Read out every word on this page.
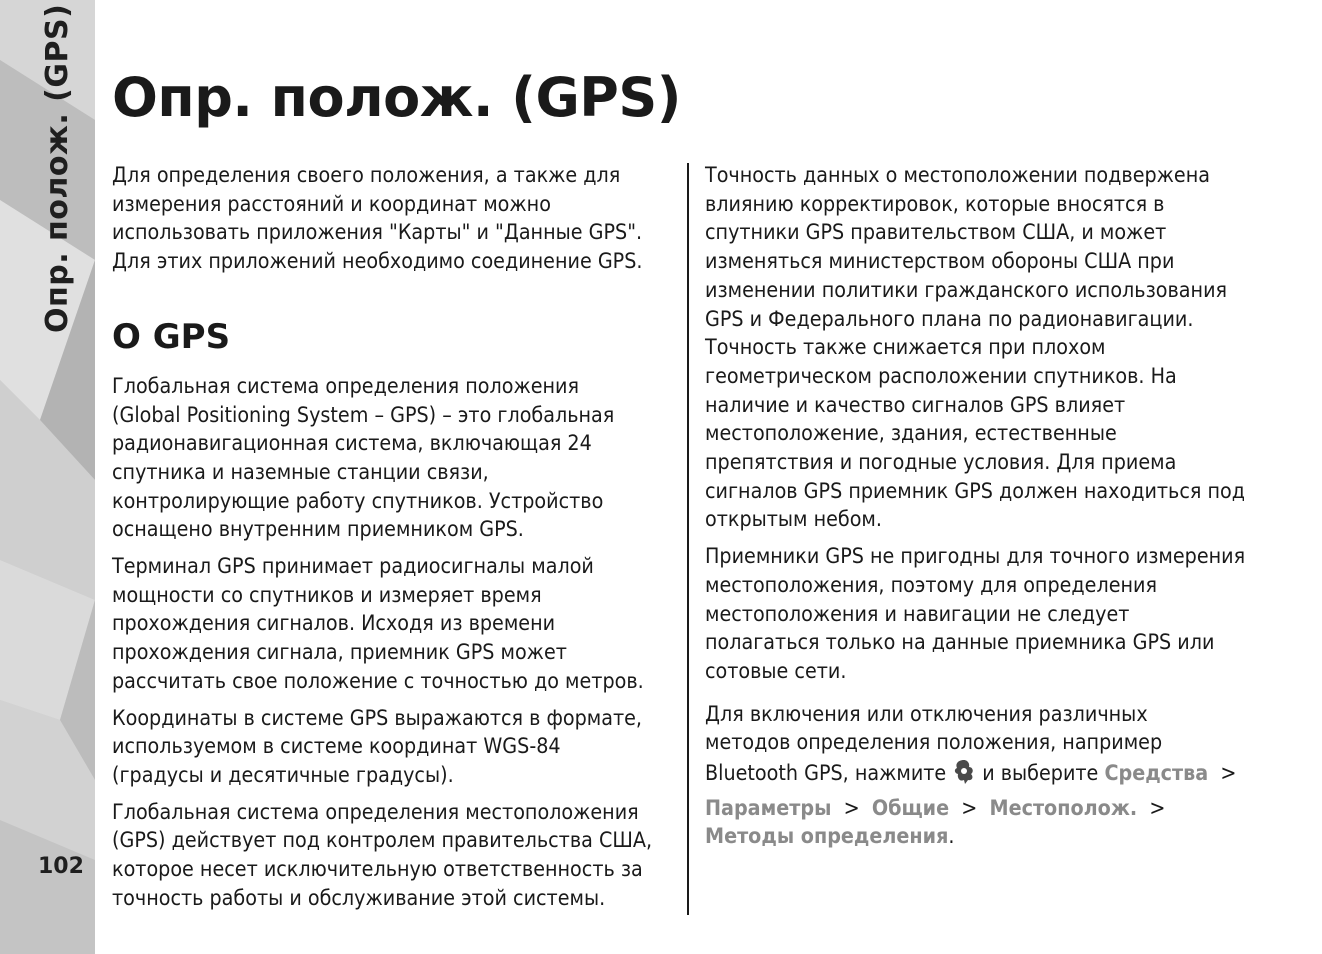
Опр. полож. (GPS)
102
Опр. полож. (GPS)

Для определения своего положения, а также для
измерения расстояний и координат можно
использовать приложения "Карты" и "Данные GPS".
Для этих приложений необходимо соединение GPS.

О GPS

Глобальная система определения положения
(Global Positioning System – GPS) – это глобальная
радионавигационная система, включающая 24
спутника и наземные станции связи,
контролирующие работу спутников. Устройство
оснащено внутренним приемником GPS.

Терминал GPS принимает радиосигналы малой
мощности со спутников и измеряет время
прохождения сигналов. Исходя из времени
прохождения сигнала, приемник GPS может
рассчитать свое положение с точностью до метров.

Координаты в системе GPS выражаются в формате,
используемом в системе координат WGS-84
(градусы и десятичные градусы).

Глобальная система определения местоположения
(GPS) действует под контролем правительства США,
которое несет исключительную ответственность за
точность работы и обслуживание этой системы.

Точность данных о местоположении подвержена
влиянию корректировок, которые вносятся в
спутники GPS правительством США, и может
изменяться министерством обороны США при
изменении политики гражданского использования
GPS и Федерального плана по радионавигации.
Точность также снижается при плохом
геометрическом расположении спутников. На
наличие и качество сигналов GPS влияет
местоположение, здания, естественные
препятствия и погодные условия. Для приема
сигналов GPS приемник GPS должен находиться под
открытым небом.

Приемники GPS не пригодны для точного измерения
местоположения, поэтому для определения
местоположения и навигации не следует
полагаться только на данные приемника GPS или
сотовые сети.

Для включения или отключения различных
методов определения положения, например
Bluetooth GPS, нажмите и выберите Средства >
Параметры > Общие > Местополож. >
Методы определения.
